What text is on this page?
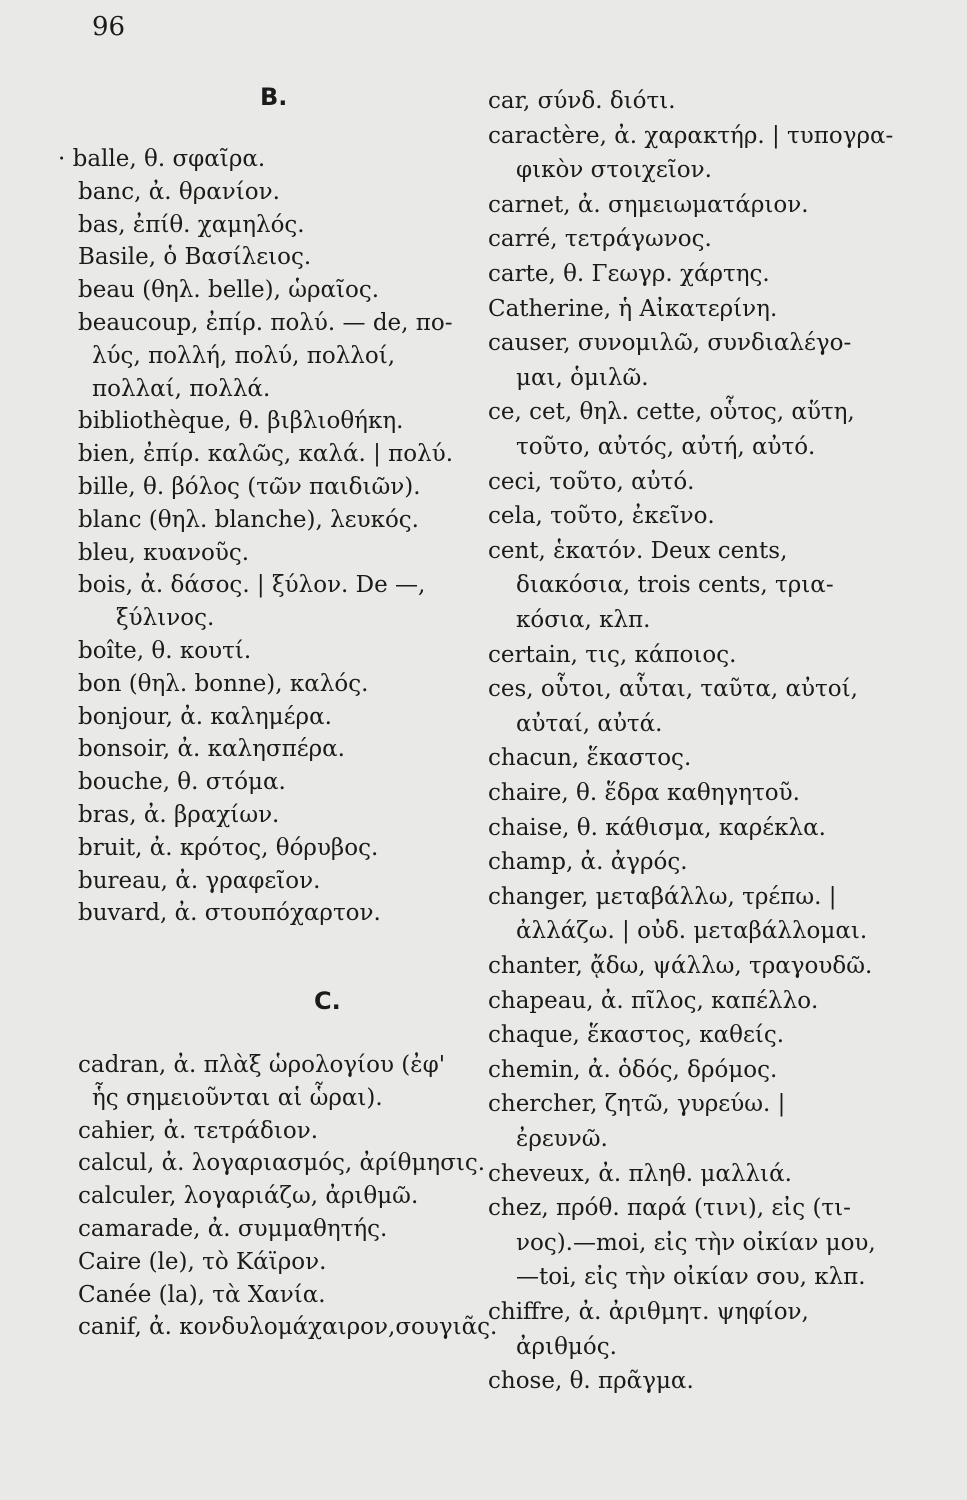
96
B.
· balle, θ. σφαῖρα.
banc, ἀ. θρανίον.
bas, ἐπίθ. χαμηλός.
Basile, ὁ Βασίλειος.
beau (θηλ. belle), ὡραῖος.
beaucoup, ἐπίρ. πολύ. — de, πο-
λύς, πολλή, πολύ, πολλοί,
πολλαί, πολλά.
bibliothèque, θ. βιβλιοθήκη.
bien, ἐπίρ. καλῶς, καλά. | πολύ.
bille, θ. βόλος (τῶν παιδιῶν).
blanc (θηλ. blanche), λευκός.
bleu, κυανοῦς.
bois, ἀ. δάσος. | ξύλον. De —,
ξύλινος.
boîte, θ. κουτί.
bon (θηλ. bonne), καλός.
bonjour, ἀ. καλημέρα.
bonsoir, ἀ. καλησπέρα.
bouche, θ. στόμα.
bras, ἀ. βραχίων.
bruit, ἀ. κρότος, θόρυβος.
bureau, ἀ. γραφεῖον.
buvard, ἀ. στουπόχαρτον.
C.
cadran, ἀ. πλὰξ ὡρολογίου (ἐφ'
ἧς σημειοῦνται αἱ ὧραι).
cahier, ἀ. τετράδιον.
calcul, ἀ. λογαριασμός, ἀρίθμησις.
calculer, λογαριάζω, ἀριθμῶ.
camarade, ἀ. συμμαθητής.
Caire (le), τὸ Κάϊρον.
Canée (la), τὰ Χανία.
canif, ἀ. κονδυλομάχαιρον,σουγιᾶς.
car, σύνδ. διότι.
caractère, ἀ. χαρακτήρ. | τυπογρα-
φικὸν στοιχεῖον.
carnet, ἀ. σημειωματάριον.
carré, τετράγωνος.
carte, θ. Γεωγρ. χάρτης.
Catherine, ἡ Αἰκατερίνη.
causer, συνομιλῶ, συνδιαλέγο-
μαι, ὁμιλῶ.
ce, cet, θηλ. cette, οὗτος, αὕτη,
τοῦτο, αὐτός, αὐτή, αὐτό.
ceci, τοῦτο, αὐτό.
cela, τοῦτο, ἐκεῖνο.
cent, ἑκατόν. Deux cents,
διακόσια, trois cents, τρια-
κόσια, κλπ.
certain, τις, κάποιος.
ces, οὗτοι, αὗται, ταῦτα, αὐτοί,
αὐταί, αὐτά.
chacun, ἕκαστος.
chaire, θ. ἕδρα καθηγητοῦ.
chaise, θ. κάθισμα, καρέκλα.
champ, ἀ. ἀγρός.
changer, μεταβάλλω, τρέπω. |
ἀλλάζω. | οὐδ. μεταβάλλομαι.
chanter, ᾄδω, ψάλλω, τραγουδῶ.
chapeau, ἀ. πῖλος, καπέλλο.
chaque, ἕκαστος, καθείς.
chemin, ἀ. ὁδός, δρόμος.
chercher, ζητῶ, γυρεύω. |
ἐρευνῶ.
cheveux, ἀ. πληθ. μαλλιά.
chez, πρόθ. παρά (τινι), εἰς (τι-
νος).—moi, εἰς τὴν οἰκίαν μου,
—toi, εἰς τὴν οἰκίαν σου, κλπ.
chiffre, ἀ. ἀριθμητ. ψηφίον,
ἀριθμός.
chose, θ. πρᾶγμα.
